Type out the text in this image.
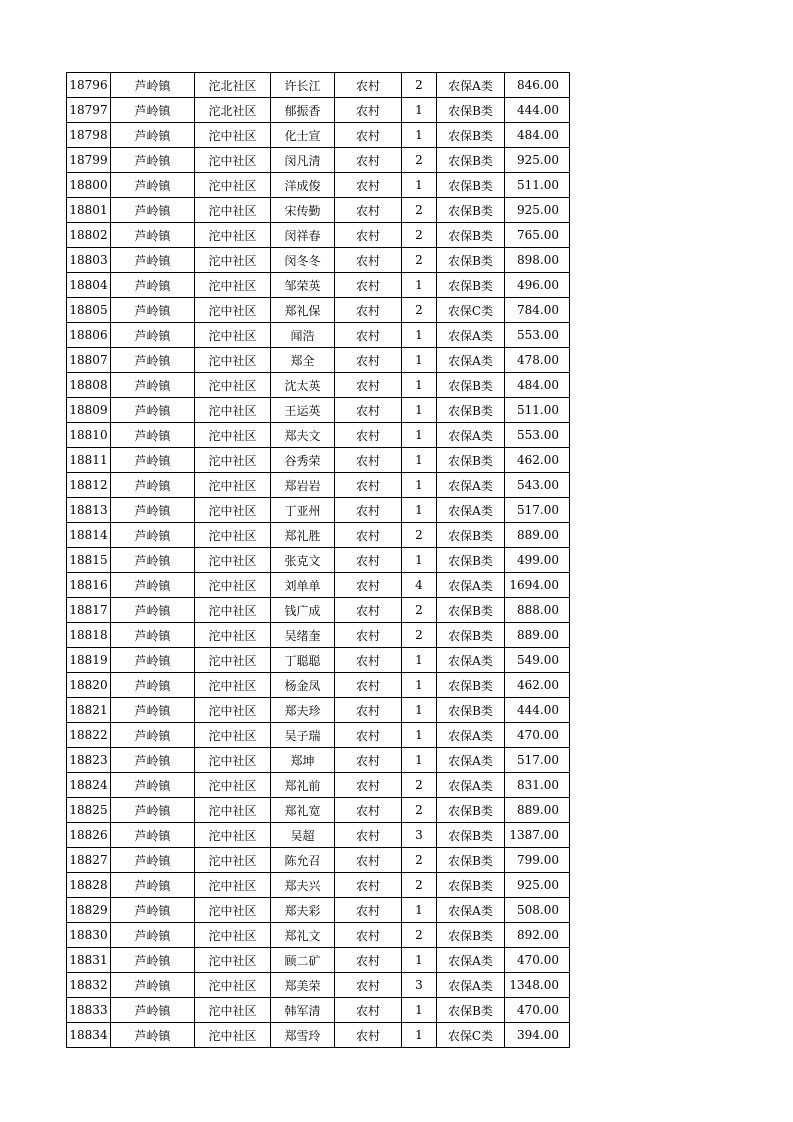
18796	芦岭镇	沱北社区	许长江	农村	2	农保A类	846.00
18797	芦岭镇	沱北社区	郁振香	农村	1	农保B类	444.00
18798	芦岭镇	沱中社区	化士宣	农村	1	农保B类	484.00
18799	芦岭镇	沱中社区	闵凡清	农村	2	农保B类	925.00
18800	芦岭镇	沱中社区	洋成俊	农村	1	农保B类	511.00
18801	芦岭镇	沱中社区	宋传勤	农村	2	农保B类	925.00
18802	芦岭镇	沱中社区	闵祥春	农村	2	农保B类	765.00
18803	芦岭镇	沱中社区	闵冬冬	农村	2	农保B类	898.00
18804	芦岭镇	沱中社区	邹荣英	农村	1	农保B类	496.00
18805	芦岭镇	沱中社区	郑礼保	农村	2	农保C类	784.00
18806	芦岭镇	沱中社区	闻浩	农村	1	农保A类	553.00
18807	芦岭镇	沱中社区	郑全	农村	1	农保A类	478.00
18808	芦岭镇	沱中社区	沈太英	农村	1	农保B类	484.00
18809	芦岭镇	沱中社区	王运英	农村	1	农保B类	511.00
18810	芦岭镇	沱中社区	郑夫文	农村	1	农保A类	553.00
18811	芦岭镇	沱中社区	谷秀荣	农村	1	农保B类	462.00
18812	芦岭镇	沱中社区	郑岩岩	农村	1	农保A类	543.00
18813	芦岭镇	沱中社区	丁亚州	农村	1	农保A类	517.00
18814	芦岭镇	沱中社区	郑礼胜	农村	2	农保B类	889.00
18815	芦岭镇	沱中社区	张克文	农村	1	农保B类	499.00
18816	芦岭镇	沱中社区	刘单单	农村	4	农保A类	1694.00
18817	芦岭镇	沱中社区	钱广成	农村	2	农保B类	888.00
18818	芦岭镇	沱中社区	吴绪奎	农村	2	农保B类	889.00
18819	芦岭镇	沱中社区	丁聪聪	农村	1	农保A类	549.00
18820	芦岭镇	沱中社区	杨金凤	农村	1	农保B类	462.00
18821	芦岭镇	沱中社区	郑夫珍	农村	1	农保B类	444.00
18822	芦岭镇	沱中社区	吴子瑞	农村	1	农保A类	470.00
18823	芦岭镇	沱中社区	郑坤	农村	1	农保A类	517.00
18824	芦岭镇	沱中社区	郑礼前	农村	2	农保A类	831.00
18825	芦岭镇	沱中社区	郑礼宽	农村	2	农保B类	889.00
18826	芦岭镇	沱中社区	吴超	农村	3	农保B类	1387.00
18827	芦岭镇	沱中社区	陈允召	农村	2	农保B类	799.00
18828	芦岭镇	沱中社区	郑夫兴	农村	2	农保B类	925.00
18829	芦岭镇	沱中社区	郑夫彩	农村	1	农保A类	508.00
18830	芦岭镇	沱中社区	郑礼文	农村	2	农保B类	892.00
18831	芦岭镇	沱中社区	顾二矿	农村	1	农保A类	470.00
18832	芦岭镇	沱中社区	郑美荣	农村	3	农保A类	1348.00
18833	芦岭镇	沱中社区	韩军清	农村	1	农保B类	470.00
18834	芦岭镇	沱中社区	郑雪玲	农村	1	农保C类	394.00
